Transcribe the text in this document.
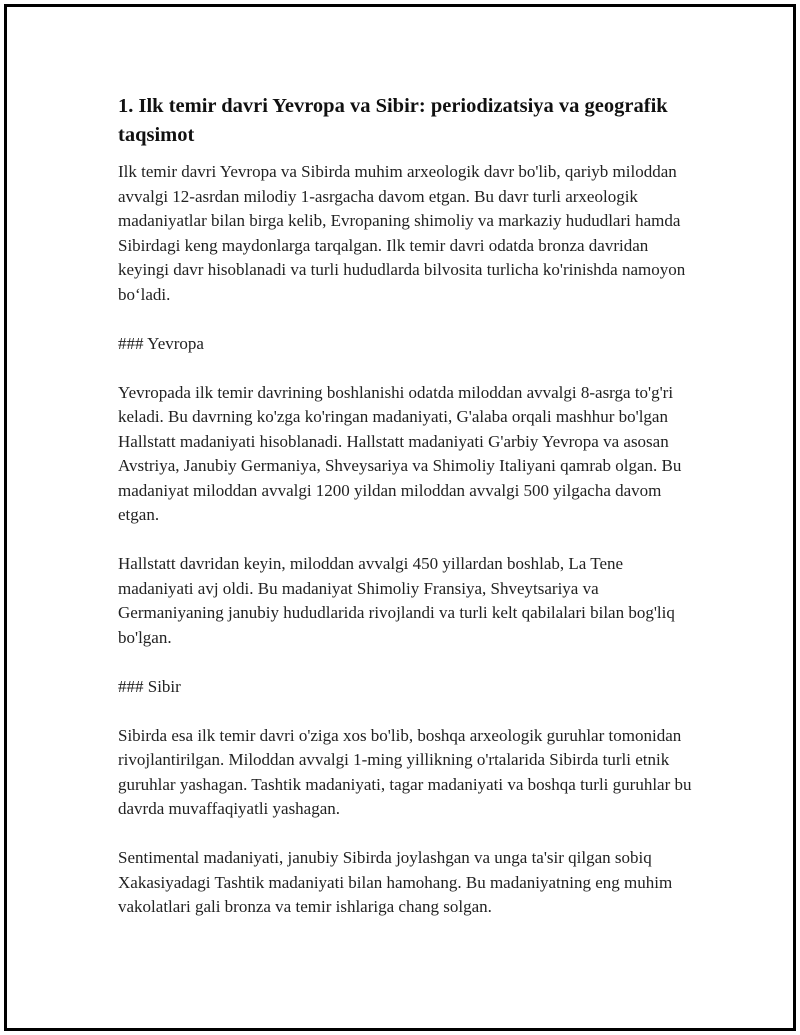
1. Ilk temir davri Yevropa va Sibir: periodizatsiya va geografik taqsimot

Ilk temir davri Yevropa va Sibirda muhim arxeologik davr bo'lib, qariyb miloddan avvalgi 12-asrdan milodiy 1-asrgacha davom etgan. Bu davr turli arxeologik madaniyatlar bilan birga kelib, Evropaning shimoliy va markaziy hududlari hamda Sibirdagi keng maydonlarga tarqalgan. Ilk temir davri odatda bronza davridan keyingi davr hisoblanadi va turli hududlarda bilvosita turlicha ko'rinishda namoyon bo‘ladi.

### Yevropa

Yevropada ilk temir davrining boshlanishi odatda miloddan avvalgi 8-asrga to'g'ri keladi. Bu davrning ko'zga ko'ringan madaniyati, G'alaba orqali mashhur bo'lgan Hallstatt madaniyati hisoblanadi. Hallstatt madaniyati G'arbiy Yevropa va asosan Avstriya, Janubiy Germaniya, Shveysariya va Shimoliy Italiyani qamrab olgan. Bu madaniyat miloddan avvalgi 1200 yildan miloddan avvalgi 500 yilgacha davom etgan.

Hallstatt davridan keyin, miloddan avvalgi 450 yillardan boshlab, La Tene madaniyati avj oldi. Bu madaniyat Shimoliy Fransiya, Shveytsariya va Germaniyaning janubiy hududlarida rivojlandi va turli kelt qabilalari bilan bog'liq bo'lgan.

### Sibir

Sibirda esa ilk temir davri o'ziga xos bo'lib, boshqa arxeologik guruhlar tomonidan rivojlantirilgan. Miloddan avvalgi 1-ming yillikning o'rtalarida Sibirda turli etnik guruhlar yashagan. Tashtik madaniyati, tagar madaniyati va boshqa turli guruhlar bu davrda muvaffaqiyatli yashagan.

Sentimental madaniyati, janubiy Sibirda joylashgan va unga ta'sir qilgan sobiq Xakasiyadagi Tashtik madaniyati bilan hamohang. Bu madaniyatning eng muhim vakolatlari gali bronza va temir ishlariga chang solgan.
